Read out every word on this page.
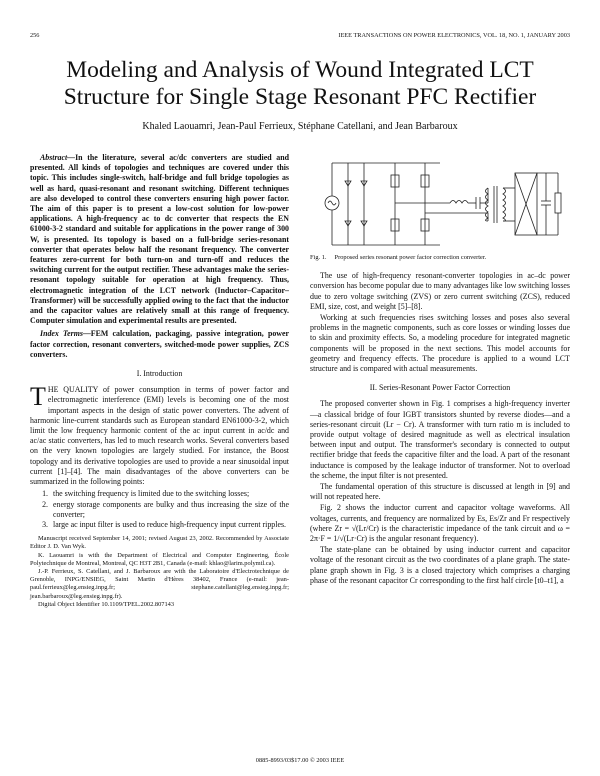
256	IEEE TRANSACTIONS ON POWER ELECTRONICS, VOL. 18, NO. 1, JANUARY 2003
Modeling and Analysis of Wound Integrated LCT
Structure for Single Stage Resonant PFC Rectifier
Khaled Laouamri, Jean-Paul Ferrieux, Stéphane Catellani, and Jean Barbaroux

Abstract—In the literature, several ac/dc converters are studied and presented. All kinds of topologies and techniques are covered under this topic. This includes single-switch, half-bridge and full bridge topologies as well as hard, quasi-resonant and resonant switching. Different techniques are also developed to control these converters ensuring high power factor. The aim of this paper is to present a low-cost solution for low-power applications. A high-frequency ac to dc converter that respects the EN 61000-3-2 standard and suitable for applications in the power range of 300 W, is presented. Its topology is based on a full-bridge series-resonant converter that operates below half the resonant frequency. The converter features zero-current for both turn-on and turn-off and reduces the switching current for the output rectifier. These advantages make the series-resonant topology suitable for operation at high frequency. Thus, electromagnetic integration of the LCT network (Inductor–Capacitor–Transformer) will be successfully applied owing to the fact that the inductor and the capacitor values are relatively small at this range of frequency. Computer simulation and experimental results are presented.

Index Terms—FEM calculation, packaging, passive integration, power factor correction, resonant converters, switched-mode power supplies, ZCS converters.

I. Introduction

THE QUALITY of power consumption in terms of power factor and electromagnetic interference (EMI) levels is becoming one of the most important aspects in the design of static power converters. The advent of harmonic line-current standards such as European standard EN61000-3-2, which limit the low frequency harmonic content of the ac input current in ac/dc and ac/ac static converters, has led to much research works. Several converters based on the very known topologies are largely studied. For instance, the Boost topology and its derivative topologies are used to provide a near sinusoidal input current [1]–[4]. The main disadvantages of the above converters can be summarized in the following points:

1. the switching frequency is limited due to the switching losses;
2. energy storage components are bulky and thus increasing the size of the converter;
3. large ac input filter is used to reduce high-frequency input current ripples.

Manuscript received September 14, 2001; revised August 23, 2002. Recommended by Associate Editor J. D. Van Wyk.

K. Laouamri is with the Department of Electrical and Computer Engineering, École Polytechnique de Montreal, Montreal, QC H3T 2B1, Canada (e-mail: khlao@larim.polymtl.ca).

J.-P. Ferrieux, S. Catellani, and J. Barbaroux are with the Laboratoire d'Electrotechnique de Grenoble, INPG/ENSIEG, Saint Martin d'Hères 38402, France (e-mail: jean-paul.ferrieux@leg.ensieg.inpg.fr; stephane.catellani@leg.ensieg.inpg.fr; jean.barbaroux@leg.ensieg.inpg.fr).

Digital Object Identifier 10.1109/TPEL.2002.807143

Fig. 1. Proposed series resonant power factor correction converter.

The use of high-frequency resonant-converter topologies in ac–dc power conversion has become popular due to many advantages like low switching losses due to zero voltage switching (ZVS) or zero current switching (ZCS), reduced EMI, size, cost, and weight [5]–[8].

Working at such frequencies rises switching losses and poses also several problems in the magnetic components, such as core losses or winding losses due to skin and proximity effects. So, a modeling procedure for integrated magnetic components will be proposed in the next sections. This model accounts for geometry and frequency effects. The procedure is applied to a wound LCT structure and is compared with actual measurements.

II. Series-Resonant Power Factor Correction

The proposed converter shown in Fig. 1 comprises a high-frequency inverter—a classical bridge of four IGBT transistors shunted by reverse diodes—and a series-resonant circuit (Lr − Cr). A transformer with turn ratio m is included to provide output voltage of desired magnitude as well as electrical insulation between input and output. The transformer's secondary is connected to output rectifier bridge that feeds the capacitive filter and the load. A part of the resonant inductance is composed by the leakage inductor of transformer. Not to overload the scheme, the input filter is not presented.

The fundamental operation of this structure is discussed at length in [9] and will not repeated here.

Fig. 2 shows the inductor current and capacitor voltage waveforms. All voltages, currents, and frequency are normalized by Es, Es/Zr and Fr respectively (where Zr = √(Lr/Cr) is the characteristic impedance of the tank circuit and ω = 2π·F = 1/√(Lr·Cr) is the angular resonant frequency).

The state-plane can be obtained by using inductor current and capacitor voltage of the resonant circuit as the two coordinates of a plane graph. The state-plane graph shown in Fig. 3 is a closed trajectory which comprises a charging phase of the resonant capacitor Cr corresponding to the first half circle [t0–t1], a

0885-8993/03$17.00 © 2003 IEEE
